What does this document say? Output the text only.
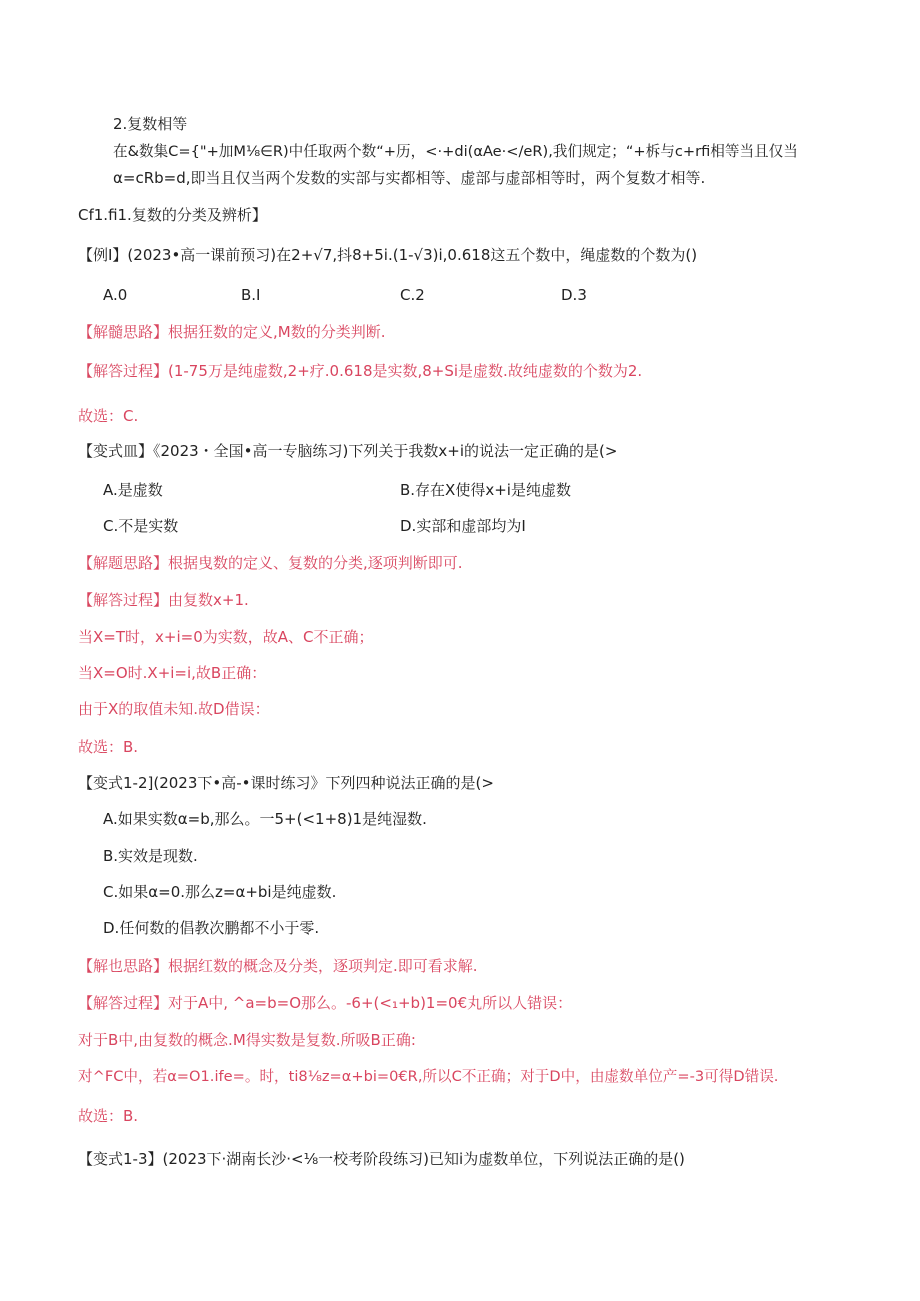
2.复数相等
在&数集C={"+加M⅛∈R)中任取两个数“+历，<·+di(αAe·</eR),我们规定；“+柝与c+rfi相等当且仅当
α=cRb=d,即当且仅当两个发数的实部与实都相等、虚部与虚部相等时，两个复数才相等.
Cf1.fi1.复数的分类及辨析】
【例I】(2023•高一课前预习)在2+√7,抖8+5i.(1-√3)i,0.618这五个数中，绳虚数的个数为()
A.0	B.I	C.2	D.3
【解髓思路】根据狂数的定义,M数的分类判断.
【解答过程】(1-75万是纯虚数,2+疗.0.618是实数,8+Si是虚数.故纯虚数的个数为2.
故选：C.
【变式皿】《2023・全国•高一专脑练习)下列关于我数x+i的说法一定正确的是(>
A.是虚数	B.存在X使得x+i是纯虚数
C.不是实数	D.实部和虚部均为I
【解题思路】根据曳数的定义、复数的分类,逐项判断即可.
【解答过程】由复数x+1.
当X=T时，x+i=0为实数，故A、C不正确；
当X=O时.X+i=i,故B正确：
由于X的取值未知.故D借误：
故选：B.
【变式1-2](2023下•高-•课时练习》下列四种说法正确的是(>
A.如果实数α=b,那么。一5+(<1+8)1是纯湿数.
B.实效是现数.
C.如果α=0.那么z=α+bi是纯虚数.
D.任何数的倡教次鹏都不小于零.
【解也思路】根据红数的概念及分类，逐项判定.即可看求解.
【解答过程】对于A中, ^a=b=O那么。-6+(<₁+b)1=0€丸所以人错误：
对于B中,由复数的概念.M得实数是复数.所吸B正确:
对^FC中，若α=O1.ife=。时，ti8⅛z=α+bi=0€R,所以C不正确；对于D中，由虚数单位产=-3可得D错误.
故选：B.
【变式1-3】(2023下·湖南长沙·<⅛一校考阶段练习)已知i为虚数单位，下列说法正确的是()
